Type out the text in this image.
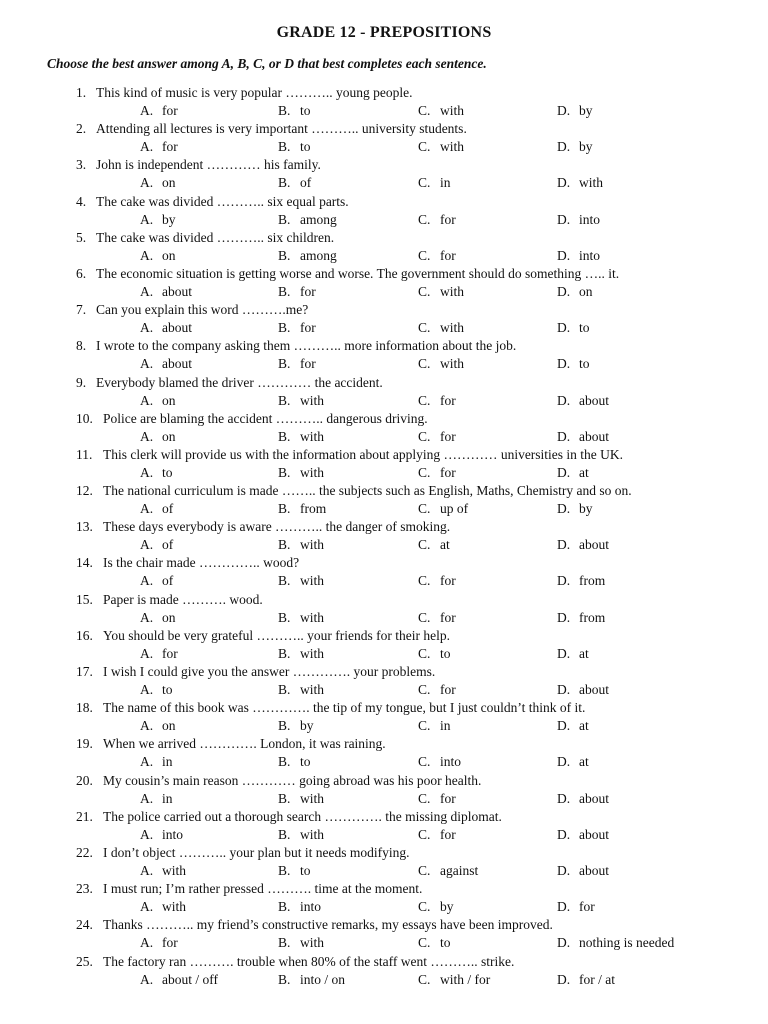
GRADE 12 - PREPOSITIONS
Choose the best answer among A, B, C, or D that best completes each sentence.
1. This kind of music is very popular ……….. young people.
A. for	B. to	C. with	D. by
2. Attending all lectures is very important ……….. university students.
A. for	B. to	C. with	D. by
3. John is independent ………… his family.
A. on	B. of	C. in	D. with
4. The cake was divided ……….. six equal parts.
A. by	B. among	C. for	D. into
5. The cake was divided ……….. six children.
A. on	B. among	C. for	D. into
6. The economic situation is getting worse and worse. The government should do something ….. it.
A. about	B. for	C. with	D. on
7. Can you explain this word ……….me?
A. about	B. for	C. with	D. to
8. I wrote to the company asking them ……….. more information about the job.
A. about	B. for	C. with	D. to
9. Everybody blamed the driver ………… the accident.
A. on	B. with	C. for	D. about
10. Police are blaming the accident ……….. dangerous driving.
A. on	B. with	C. for	D. about
11. This clerk will provide us with the information about applying ………… universities in the UK.
A. to	B. with	C. for	D. at
12. The national curriculum is made …….. the subjects such as English, Maths, Chemistry and so on.
A. of	B. from	C. up of	D. by
13. These days everybody is aware ……….. the danger of smoking.
A. of	B. with	C. at	D. about
14. Is the chair made ………….. wood?
A. of	B. with	C. for	D. from
15. Paper is made ………. wood.
A. on	B. with	C. for	D. from
16. You should be very grateful ……….. your friends for their help.
A. for	B. with	C. to	D. at
17. I wish I could give you the answer …………. your problems.
A. to	B. with	C. for	D. about
18. The name of this book was …………. the tip of my tongue, but I just couldn’t think of it.
A. on	B. by	C. in	D. at
19. When we arrived …………. London, it was raining.
A. in	B. to	C. into	D. at
20. My cousin’s main reason ………… going abroad was his poor health.
A. in	B. with	C. for	D. about
21. The police carried out a thorough search …………. the missing diplomat.
A. into	B. with	C. for	D. about
22. I don’t object ……….. your plan but it needs modifying.
A. with	B. to	C. against	D. about
23. I must run; I’m rather pressed ………. time at the moment.
A. with	B. into	C. by	D. for
24. Thanks ……….. my friend’s constructive remarks, my essays have been improved.
A. for	B. with	C. to	D. nothing is needed
25. The factory ran ………. trouble when 80% of the staff went ……….. strike.
A. about / off	B. into / on	C. with / for	D. for / at
